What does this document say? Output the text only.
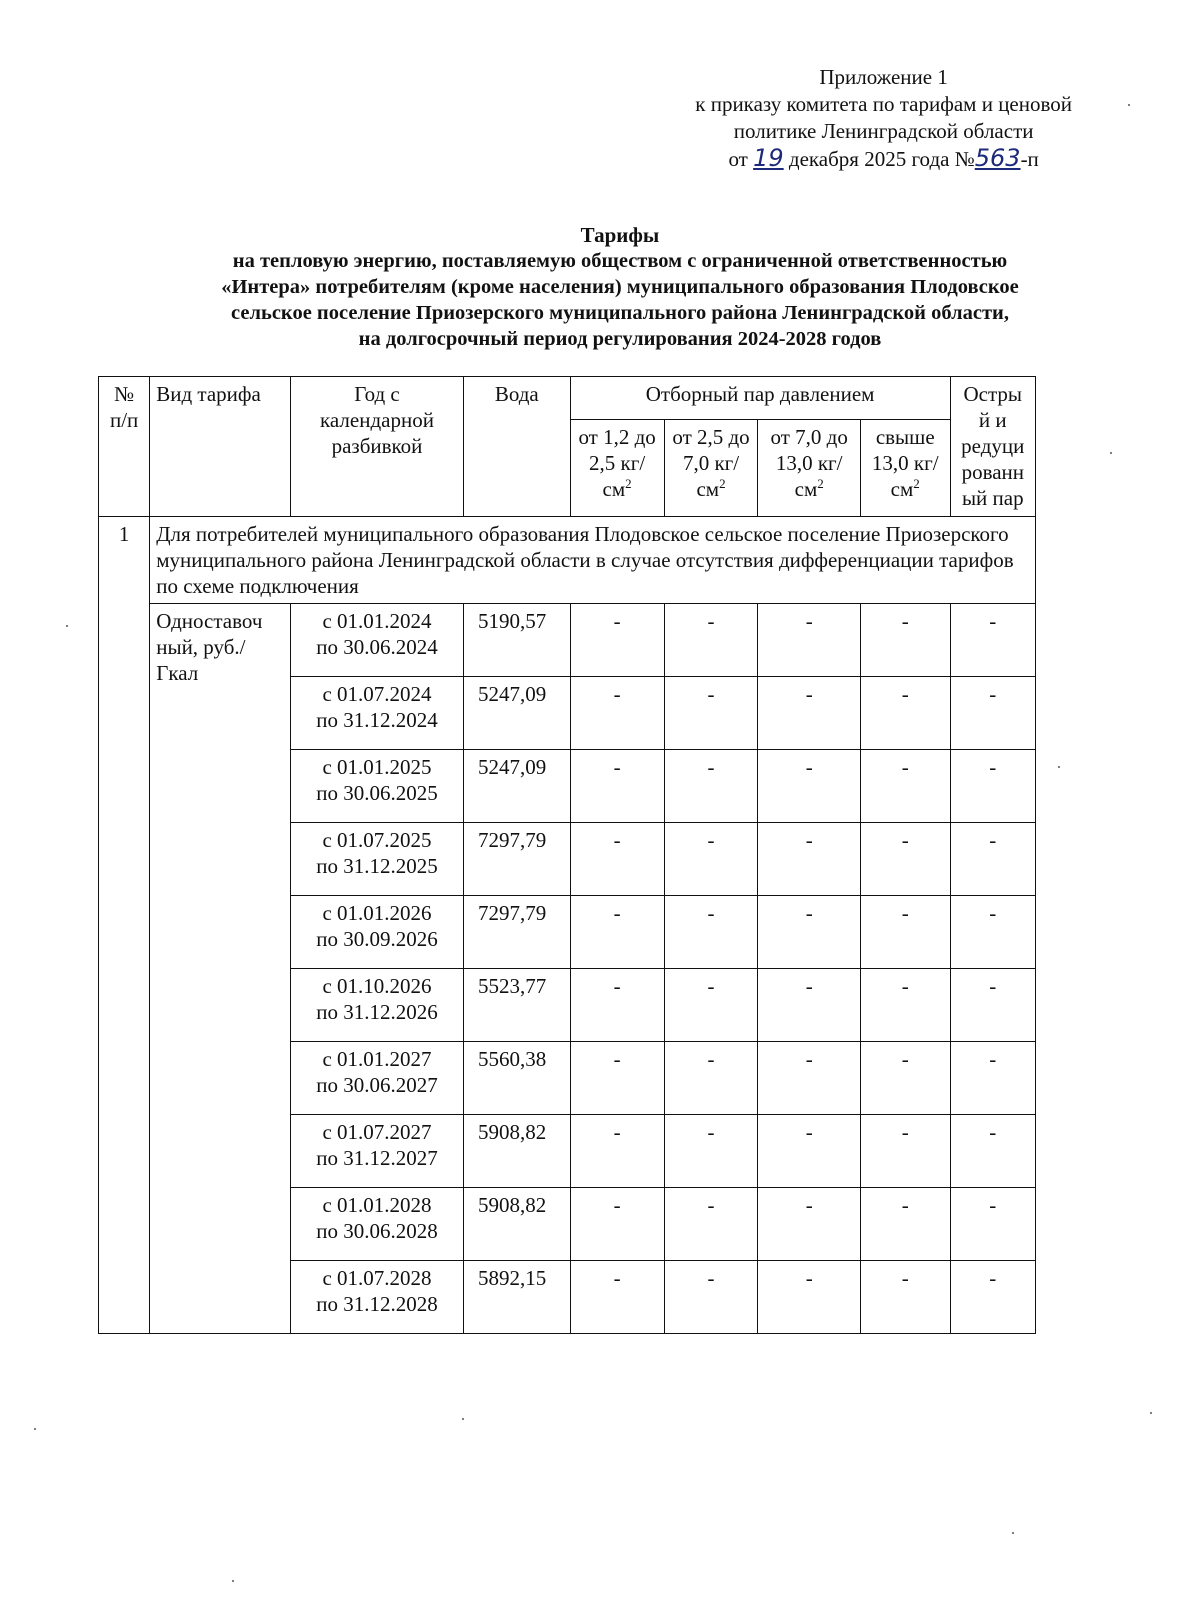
Приложение 1
к приказу комитета по тарифам и ценовой
политике Ленинградской области
от 19 декабря 2025 года №563-п
Тарифы
на тепловую энергию, поставляемую обществом с ограниченной ответственностью
«Интера» потребителям (кроме населения) муниципального образования Плодовское
сельское поселение Приозерского муниципального района Ленинградской области,
на долгосрочный период регулирования 2024-2028 годов
№ п/п	Вид тарифа	Год с календарной разбивкой	Вода	Отборный пар давлением				Остры й и редуци рованн ый пар
				от 1,2 до 2,5 $кг/см^2$	от 2,5 до 7,0 $кг/см^2$	от 7,0 до 13,0 $кг/см^2$	свыше 13,0 $кг/см^2$
1	Для потребителей муниципального образования Плодовское сельское поселение Приозерского муниципального района Ленинградской области в случае отсутствия дифференциации тарифов по схеме подключения							
	Одноставоч ный, руб./Гкал	с 01.01.2024
по 30.06.2024	5190,57	-	-	-	-	-

		с 01.07.2024
по 31.12.2024	5247,09	-	-	-	-	-

		с 01.01.2025
по 30.06.2025	5247,09	-	-	-	-	-

		с 01.07.2025
по 31.12.2025	7297,79	-	-	-	-	-

		с 01.01.2026
по 30.09.2026	7297,79	-	-	-	-	-

		с 01.10.2026
по 31.12.2026	5523,77	-	-	-	-	-

		с 01.01.2027
по 30.06.2027	5560,38	-	-	-	-	-

		с 01.07.2027
по 31.12.2027	5908,82	-	-	-	-	-

		с 01.01.2028
по 30.06.2028	5908,82	-	-	-	-	-

		с 01.07.2028
по 31.12.2028	5892,15	-	-	-	-	-
